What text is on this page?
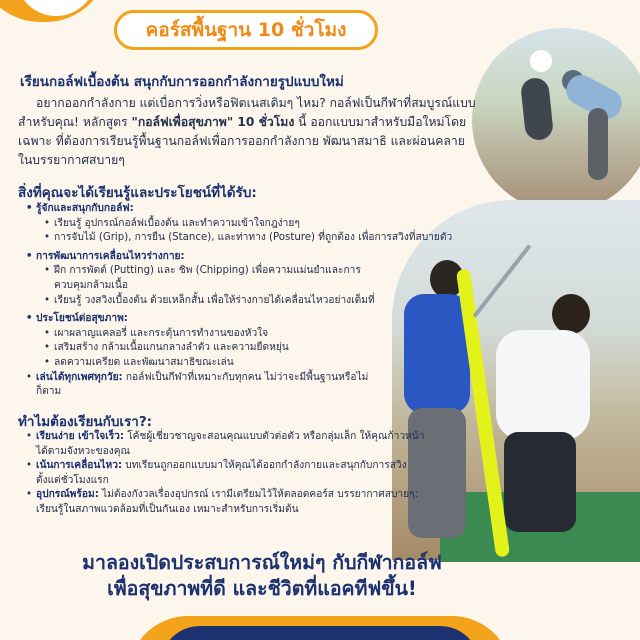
คอร์สพื้นฐาน 10 ชั่วโมง
เรียนกอล์ฟเบื้องต้น สนุกกับการออกกำลังกายรูปแบบใหม่

อยากออกกำลังกาย แต่เบื่อการวิ่งหรือฟิตเนสเดิมๆ ไหม? กอล์ฟเป็นกีฬาที่สมบูรณ์แบบสำหรับคุณ! หลักสูตร "กอล์ฟเพื่อสุขภาพ" 10 ชั่วโมง นี้ ออกแบบมาสำหรับมือใหม่โดยเฉพาะ ที่ต้องการเรียนรู้พื้นฐานกอล์ฟเพื่อการออกกำลังกาย พัฒนาสมาธิ และผ่อนคลายในบรรยากาศสบายๆ

สิ่งที่คุณจะได้เรียนรู้และประโยชน์ที่ได้รับ:
• รู้จักและสนุกกับกอล์ฟ:
• เรียนรู้ อุปกรณ์กอล์ฟเบื้องต้น และทำความเข้าใจกฎง่ายๆ
• การจับไม้ (Grip), การยืน (Stance), และท่าทาง (Posture) ที่ถูกต้อง เพื่อการสวิงที่สบายตัว
• การพัฒนาการเคลื่อนไหวร่างกาย:
• ฝึก การพัตต์ (Putting) และ ชิพ (Chipping) เพื่อความแม่นยำและการควบคุมกล้ามเนื้อ
• เรียนรู้ วงสวิงเบื้องต้น ด้วยเหล็กสั้น เพื่อให้ร่างกายได้เคลื่อนไหวอย่างเต็มที่
• ประโยชน์ต่อสุขภาพ:
• เผาผลาญแคลอรี่ และกระตุ้นการทำงานของหัวใจ
• เสริมสร้าง กล้ามเนื้อแกนกลางลำตัว และความยืดหยุ่น
• ลดความเครียด และพัฒนาสมาธิขณะเล่น
• เล่นได้ทุกเพศทุกวัย: กอล์ฟเป็นกีฬาที่เหมาะกับทุกคน ไม่ว่าจะมีพื้นฐานหรือไม่ก็ตาม
ทำไมต้องเรียนกับเรา?:
• เรียนง่าย เข้าใจเร็ว: โค้ชผู้เชี่ยวชาญจะสอนคุณแบบตัวต่อตัว หรือกลุ่มเล็ก ให้คุณก้าวหน้าได้ตามจังหวะของคุณ
• เน้นการเคลื่อนไหว: บทเรียนถูกออกแบบมาให้คุณได้ออกกำลังกายและสนุกกับการสวิงตั้งแต่ชั่วโมงแรก
• อุปกรณ์พร้อม: ไม่ต้องกังวลเรื่องอุปกรณ์ เรามีเตรียมไว้ให้ตลอดคอร์ส บรรยากาศสบายๆ: เรียนรู้ในสภาพแวดล้อมที่เป็นกันเอง เหมาะสำหรับการเริ่มต้น
มาลองเปิดประสบการณ์ใหม่ๆ กับกีฬากอล์ฟ
เพื่อสุขภาพที่ดี และชีวิตที่แอคทีฟขึ้น!
